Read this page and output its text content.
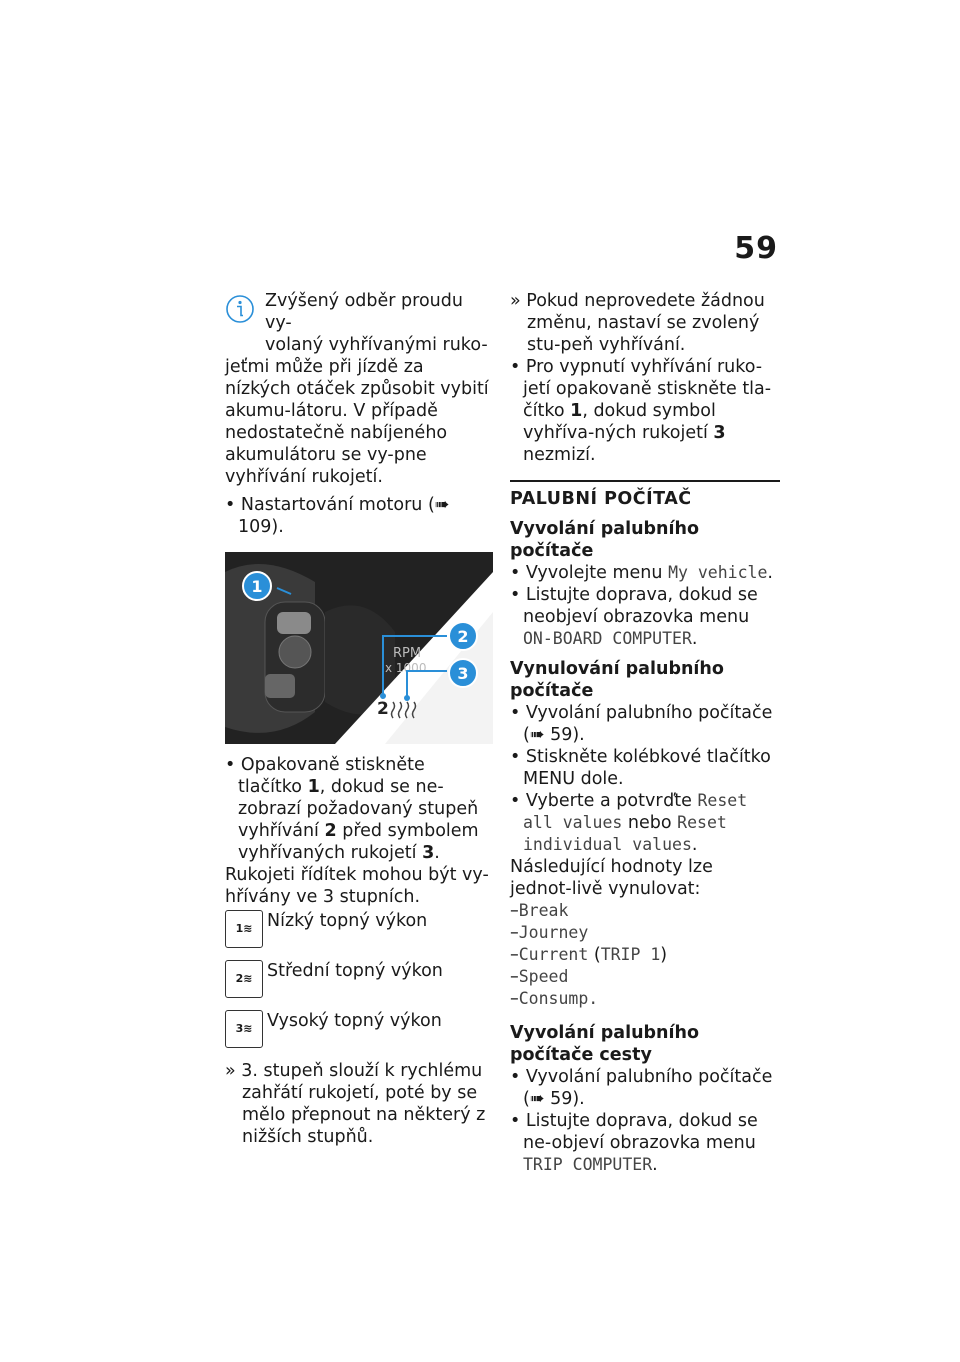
59

Zvýšený odběr proudu vy-

volaný vyhřívanými ruko-

jeťmi může při jízdě za nízkých otáček způsobit vybití akumu-látoru. V případě nedostatečně nabíjeného akumulátoru se vy-pne vyhřívání rukojetí.

• Nastartování motoru (➠ 109).

RPM
x 1000
2
1
2
3

• Opakovaně stiskněte tlačítko 1, dokud se ne-zobrazí požadovaný stupeň vyhřívání 2 před symbolem vyhřívaných rukojetí 3.

Rukojeti řídítek mohou být vy-hřívány ve 3 stupních.

1 ≋ Nízký topný výkon
2 ≋ Střední topný výkon
3 ≋ Vysoký topný výkon

» 3. stupeň slouží k rychlému zahřátí rukojetí, poté by se mělo přepnout na některý z nižších stupňů.

» Pokud neprovedete žádnou změnu, nastaví se zvolený stu-peň vyhřívání.

• Pro vypnutí vyhřívání ruko-jetí opakovaně stiskněte tla-čítko 1, dokud symbol vyhříva-ných rukojetí 3 nezmizí.

PALUBNÍ POČÍTAČ

Vyvolání palubního počítače

• Vyvolejte menu My vehicle.

• Listujte doprava, dokud se neobjeví obrazovka menu ON-BOARD COMPUTER.

Vynulování palubního počítače

• Vyvolání palubního počítače (➠ 59).

• Stiskněte kolébkové tlačítko MENU dole.

• Vyberte a potvrďte Reset all values nebo Reset individual values.

Následující hodnoty lze jednot-livě vynulovat:

–Break

–Journey

–Current (TRIP 1)

–Speed

–Consump.

Vyvolání palubního počítače cesty

• Vyvolání palubního počítače (➠ 59).

• Listujte doprava, dokud se ne-objeví obrazovka menu TRIP COMPUTER.
